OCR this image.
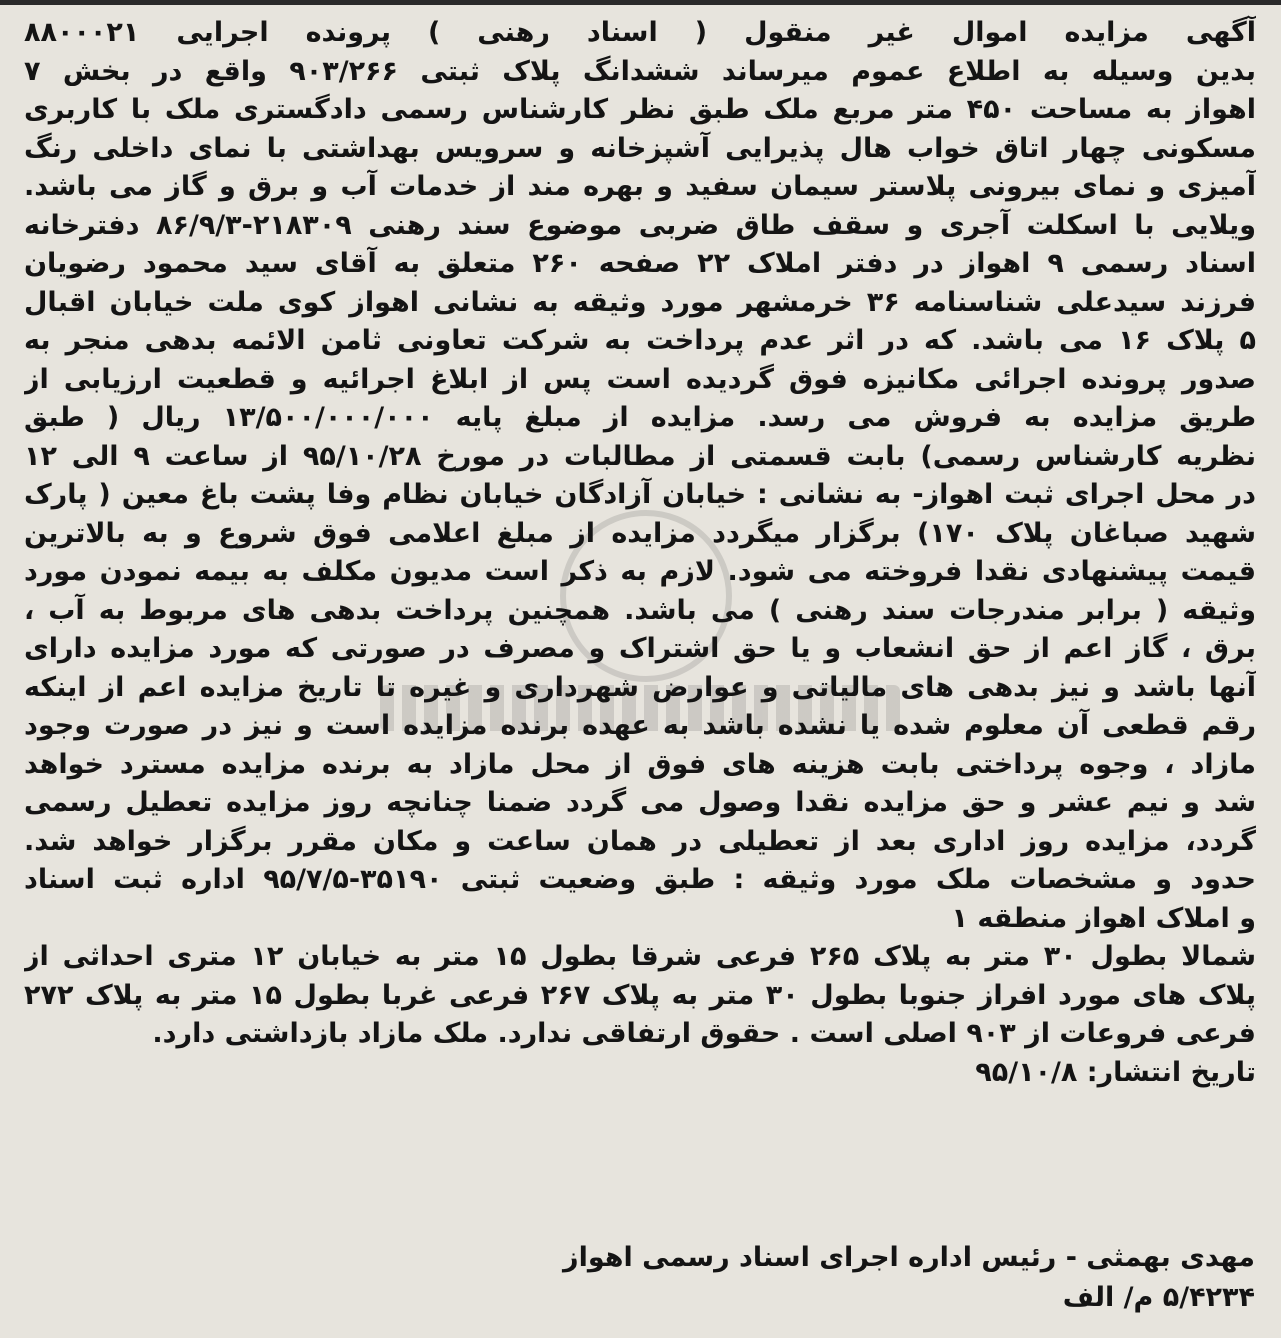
آگهی مزایده اموال غیر منقول ( اسناد رهنی ) پرونده اجرایی ۸۸۰۰۰۲۱
بدین وسیله به اطلاع عموم میرساند ششدانگ پلاک ثبتی ۹۰۳/۲۶۶ واقع در بخش ۷
اهواز به مساحت ۴۵۰ متر مربع ملک طبق نظر کارشناس رسمی دادگستری ملک با کاربری
مسکونی چهار اتاق خواب هال پذیرایی آشپزخانه و سرویس بهداشتی با نمای داخلی رنگ
آمیزی و نمای بیرونی پلاستر سیمان سفید و بهره مند از خدمات آب و برق و گاز می باشد.
ویلایی با اسکلت آجری و سقف طاق ضربی موضوع سند رهنی ۲۱۸۳۰۹-۸۶/۹/۳ دفترخانه
اسناد رسمی ۹ اهواز در دفتر املاک ۲۲ صفحه ۲۶۰ متعلق به آقای سید محمود رضویان
فرزند سیدعلی شناسنامه ۳۶ خرمشهر مورد وثیقه به نشانی اهواز کوی ملت خیابان اقبال
۵ پلاک ۱۶ می باشد. که در اثر عدم پرداخت به شرکت تعاونی ثامن الائمه بدهی منجر به
صدور پرونده اجرائی مکانیزه فوق گردیده است پس از ابلاغ اجرائیه و قطعیت ارزیابی از
طریق مزایده به فروش می رسد. مزایده از مبلغ پایه ۱۳/۵۰۰/۰۰۰/۰۰۰ ریال ( طبق
نظریه کارشناس رسمی) بابت قسمتی از مطالبات در مورخ ۹۵/۱۰/۲۸ از ساعت ۹ الی ۱۲
در محل اجرای ثبت اهواز- به نشانی : خیابان آزادگان خیابان نظام وفا پشت باغ معین ( پارک
شهید صباغان پلاک ۱۷۰) برگزار میگردد مزایده از مبلغ اعلامی فوق شروع و به بالاترین
قیمت پیشنهادی نقدا فروخته می شود. لازم به ذکر است مدیون مکلف به بیمه نمودن مورد
وثیقه ( برابر مندرجات سند رهنی ) می باشد. همچنین پرداخت بدهی های مربوط به آب ،
برق ، گاز اعم از حق انشعاب و یا حق اشتراک و مصرف در صورتی که مورد مزایده دارای
آنها باشد و نیز بدهی های مالیاتی و عوارض شهرداری و غیره تا تاریخ مزایده اعم از اینکه
رقم قطعی آن معلوم شده یا نشده باشد به عهده برنده مزایده است و نیز در صورت وجود
مازاد ، وجوه پرداختی بابت هزینه های فوق از محل مازاد به برنده مزایده مسترد خواهد
شد و نیم عشر و حق مزایده نقدا وصول می گردد ضمنا چنانچه روز مزایده تعطیل رسمی
گردد، مزایده روز اداری بعد از تعطیلی در همان ساعت و مکان مقرر برگزار خواهد شد.
حدود و مشخصات ملک مورد وثیقه : طبق وضعیت ثبتی ۳۵۱۹۰-۹۵/۷/۵ اداره ثبت اسناد
و املاک اهواز منطقه ۱
شمالا بطول ۳۰ متر به پلاک ۲۶۵ فرعی شرقا بطول ۱۵ متر به خیابان ۱۲ متری احداثی از
پلاک های مورد افراز جنوبا بطول ۳۰ متر به پلاک ۲۶۷ فرعی غربا بطول ۱۵ متر به پلاک ۲۷۲
فرعی فروعات از ۹۰۳ اصلی است . حقوق ارتفاقی ندارد. ملک مازاد بازداشتی دارد.
تاریخ انتشار: ۹۵/۱۰/۸
مهدی بهمثی - رئیس اداره اجرای اسناد رسمی اهواز
۵/۴۲۳۴ م/ الف
